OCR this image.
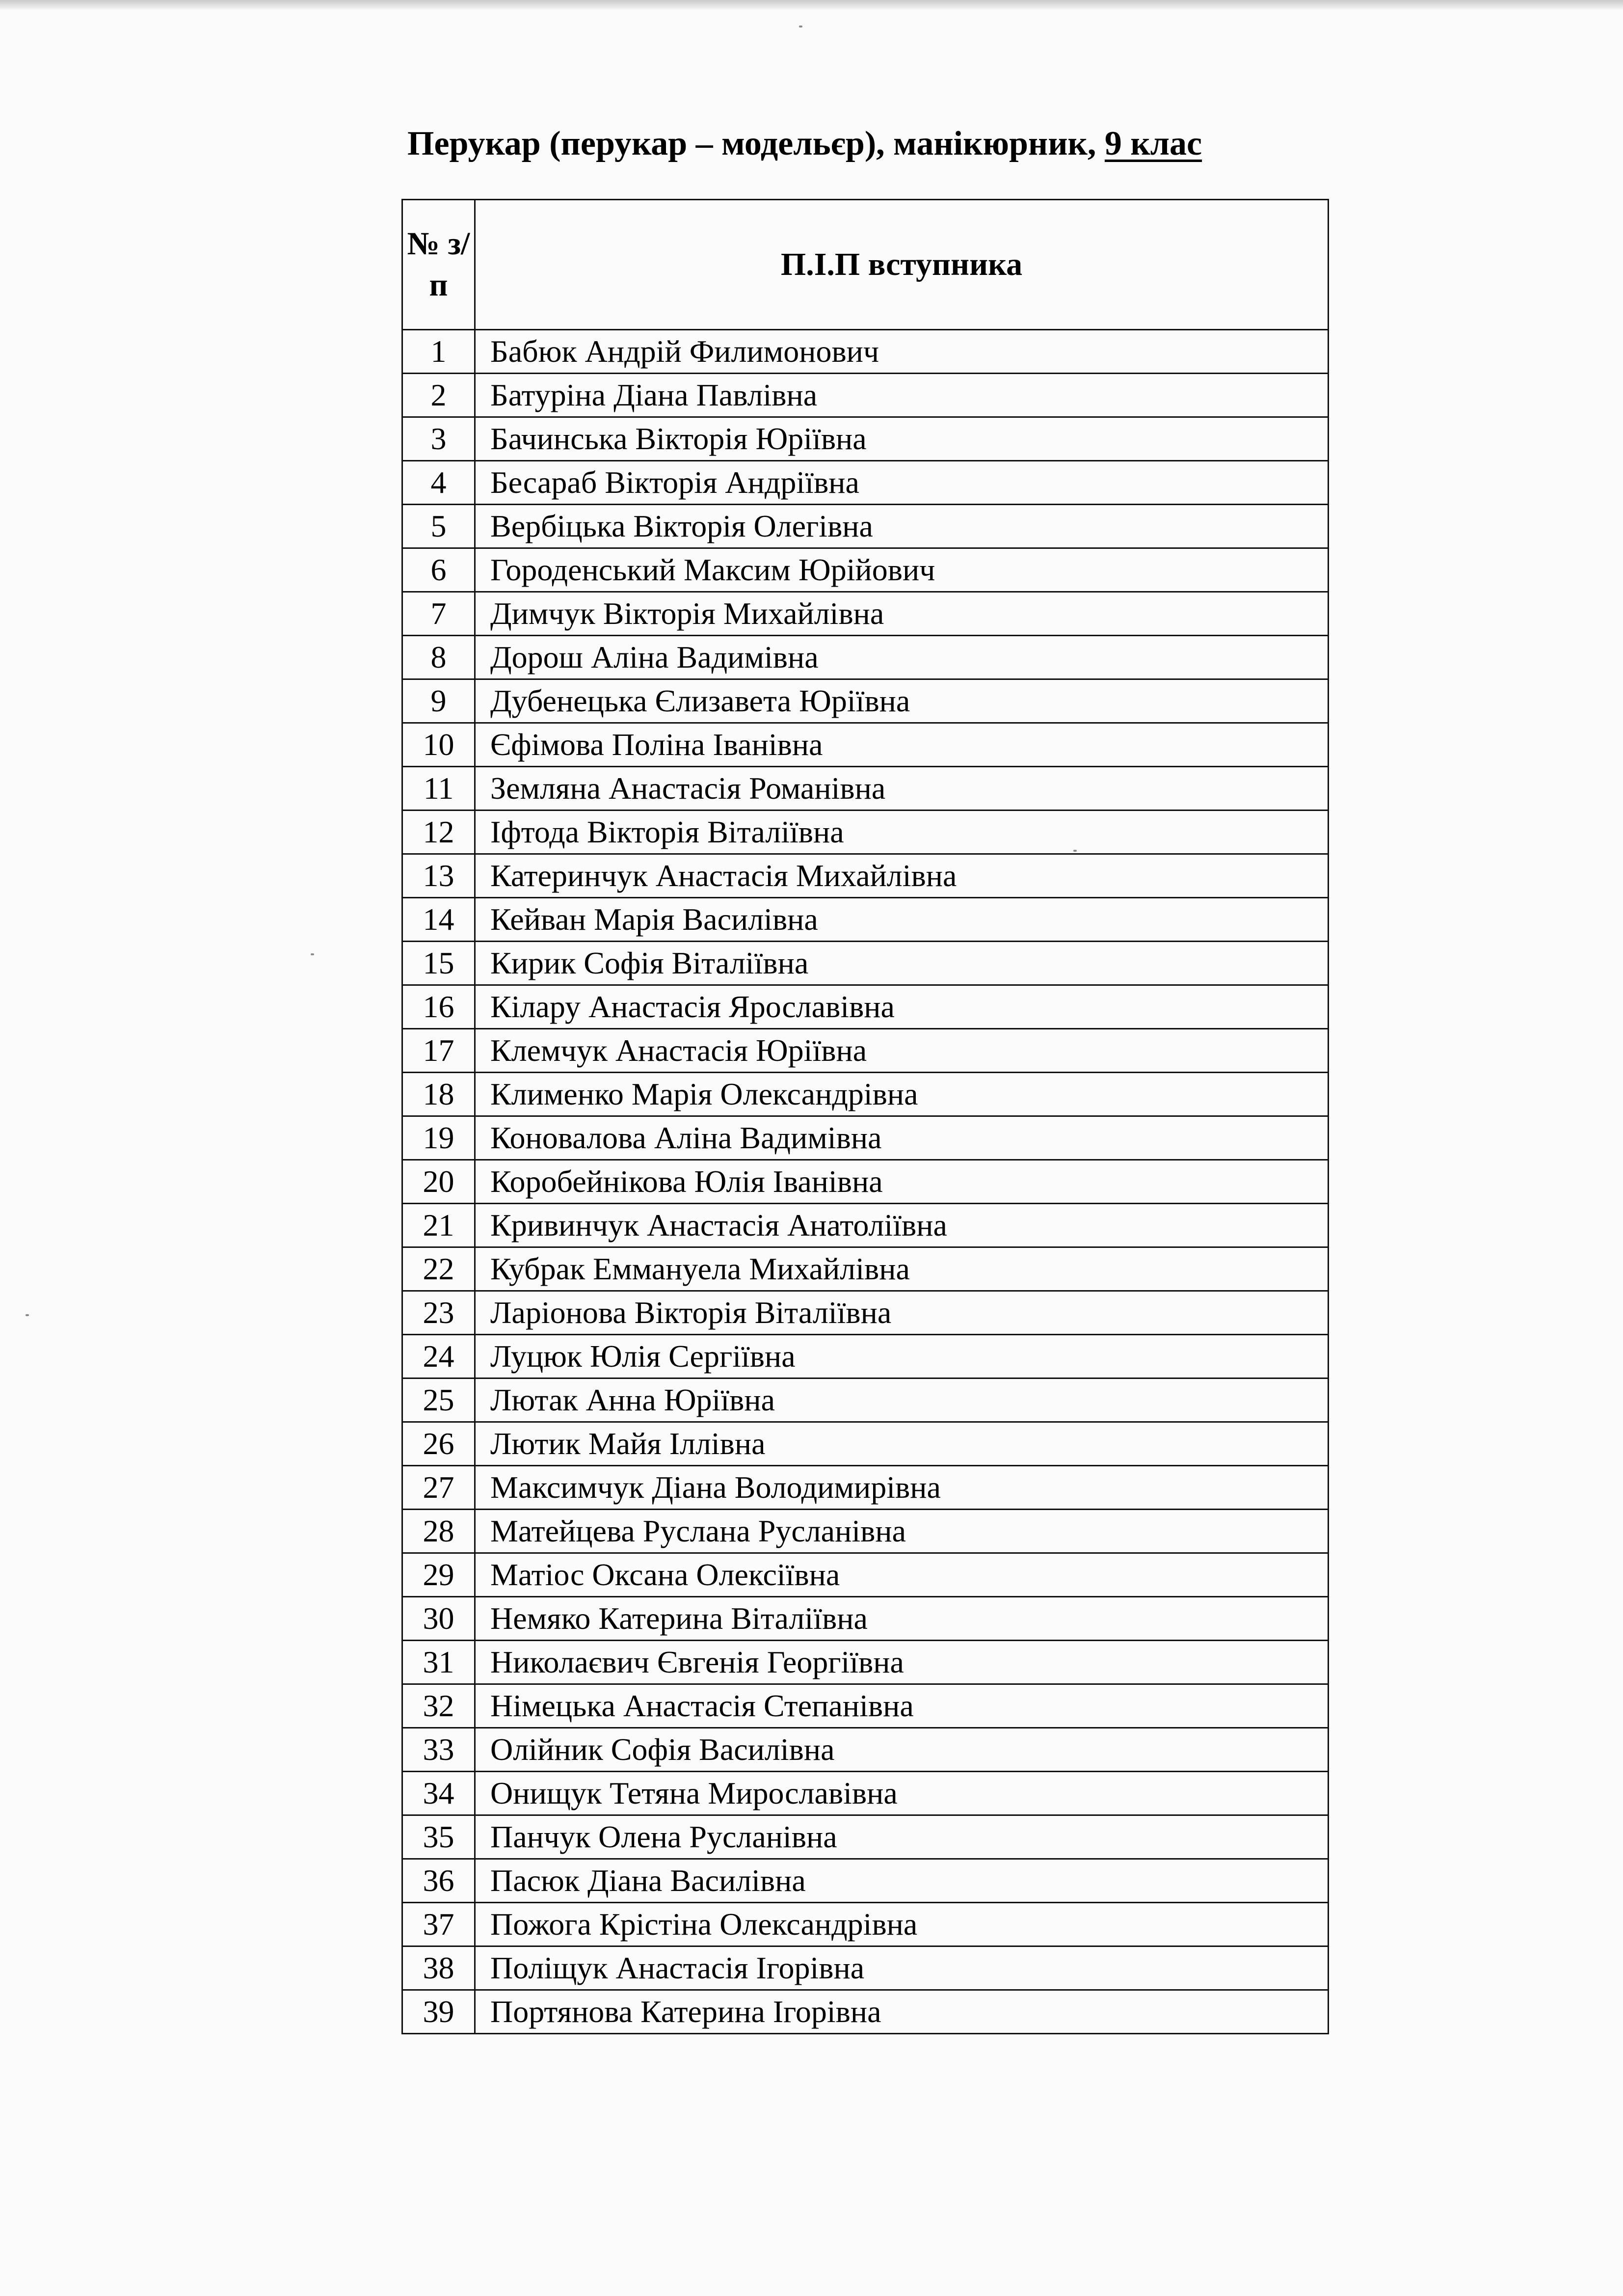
Перукар (перукар – модельєр), манікюрник, 9 клас
№ з/п	П.І.П вступника
1	Бабюк Андрій Филимонович
2	Батуріна Діана Павлівна
3	Бачинська Вікторія Юріївна
4	Бесараб Вікторія Андріївна
5	Вербіцька Вікторія Олегівна
6	Городенський Максим Юрійович
7	Димчук Вікторія Михайлівна
8	Дорош Аліна Вадимівна
9	Дубенецька Єлизавета Юріївна
10	Єфімова Поліна Іванівна
11	Земляна Анастасія Романівна
12	Іфтода Вікторія Віталіївна
13	Катеринчук Анастасія Михайлівна
14	Кейван Марія Василівна
15	Кирик Софія Віталіївна
16	Кілару Анастасія Ярославівна
17	Клемчук Анастасія Юріївна
18	Клименко Марія Олександрівна
19	Коновалова Аліна Вадимівна
20	Коробейнікова Юлія Іванівна
21	Кривинчук Анастасія Анатоліївна
22	Кубрак Еммануела Михайлівна
23	Ларіонова Вікторія Віталіївна
24	Луцюк Юлія Сергіївна
25	Лютак Анна Юріївна
26	Лютик Майя Іллівна
27	Максимчук Діана Володимирівна
28	Матейцева Руслана Русланівна
29	Матіос Оксана Олексіївна
30	Немяко Катерина Віталіївна
31	Николаєвич Євгенія Георгіївна
32	Німецька Анастасія Степанівна
33	Олійник Софія Василівна
34	Онищук Тетяна Мирославівна
35	Панчук Олена Русланівна
36	Пасюк Діана Василівна
37	Пожога Крістіна Олександрівна
38	Поліщук Анастасія Ігорівна
39	Портянова Катерина Ігорівна
